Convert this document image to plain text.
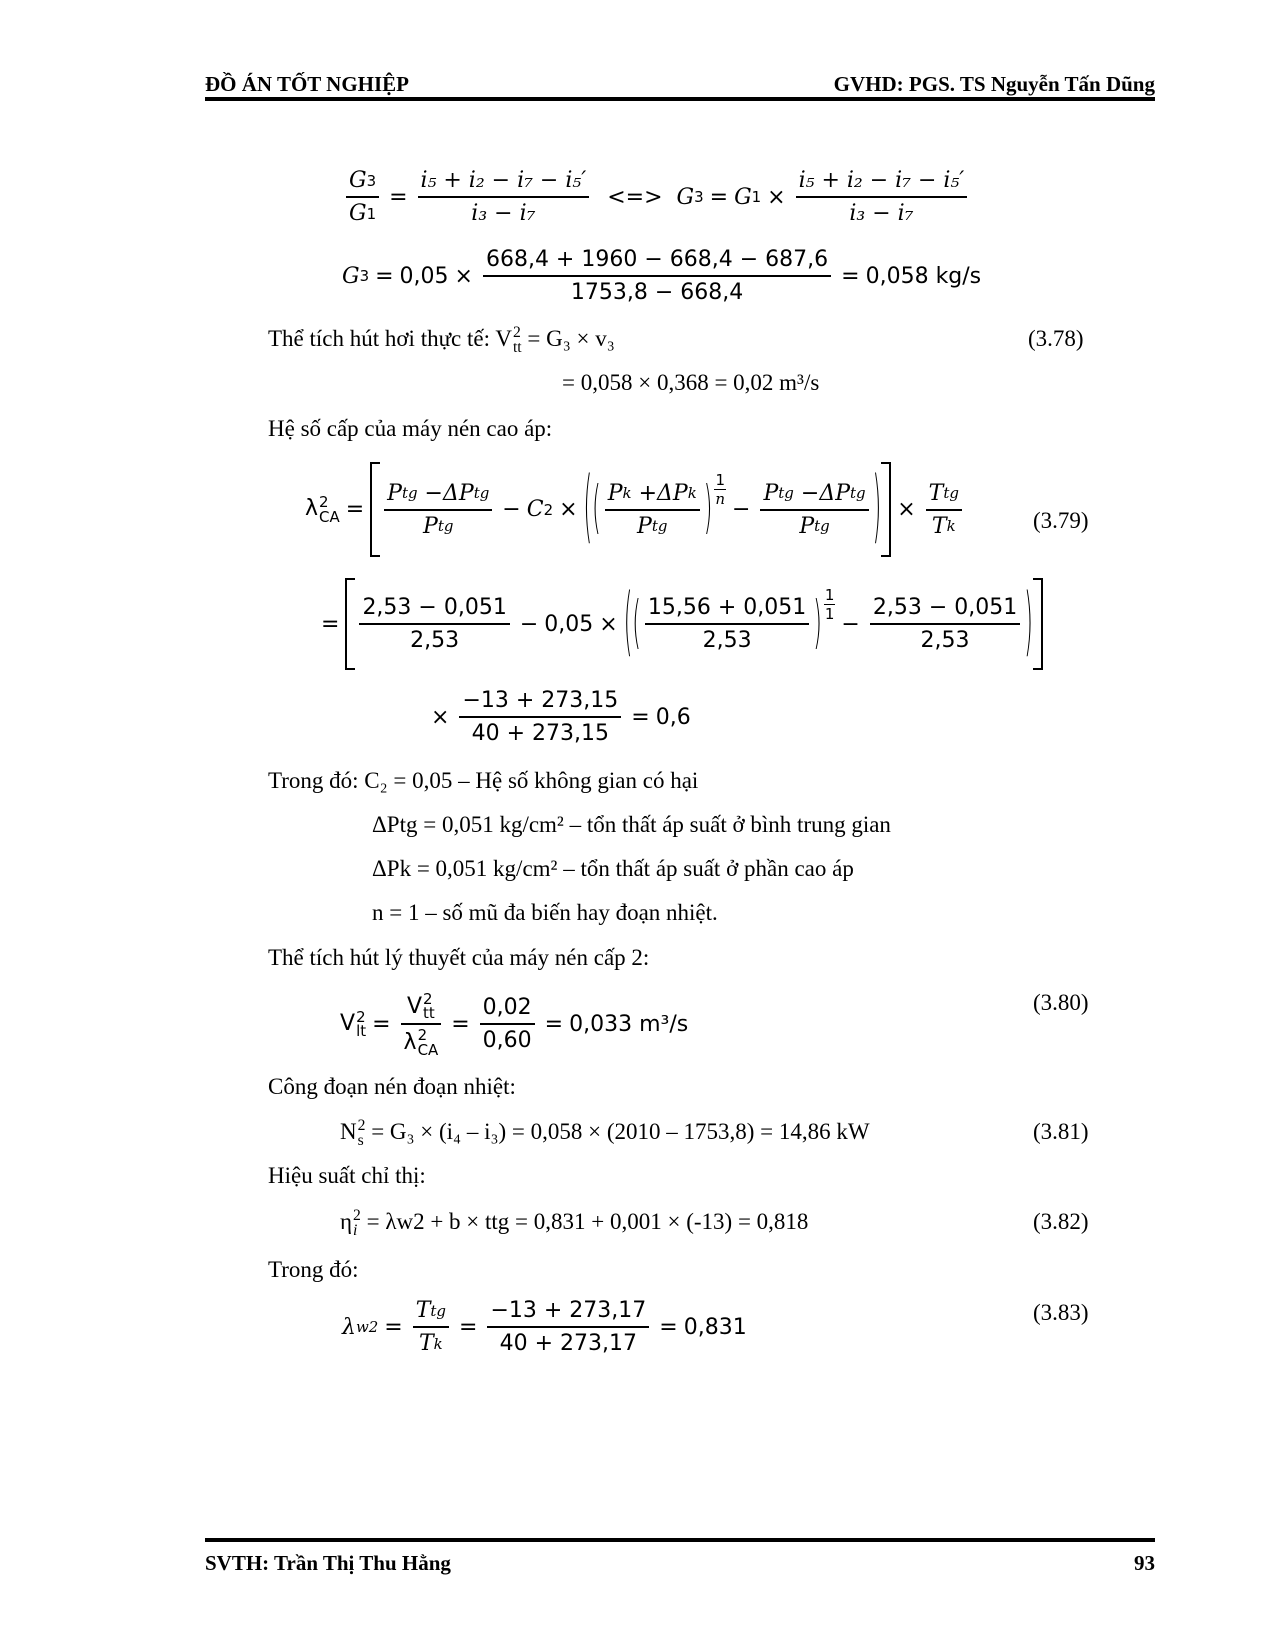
ĐỒ ÁN TỐT NGHIỆP	GVHD: PGS. TS Nguyễn Tấn Dũng
$\frac{G 3}{G 1} = \frac{\text{i₅ + i₂ − i₇ − i₅′}}{\text{i₃ − i₇}}$ <=> G 3 = G $1 \times \frac{\text{i₅ + i₂ − i₇ − i₅′}}{\text{i₃ − i₇}}$
G $3 = 0,05 \times \frac{668,4 + 1960 - 668,4 - 687,6}{1753,8 - 668,4} = 0,058$ kg/s
Thể tích hút hơi thực tế: V 2
tt = G₃ × v₃	(3.78)
= 0,058 × 0,368 = 0,02 m³/s
Hệ số cấp của máy nén cao áp:
λ 2
CA = $\frac{\text{P tg − ΔP tg}}{\text{P tg}} - C$ 2 × ( ( $\frac{\text{P k + ΔP k}}{\text{P tg}}$ ) 1
$n - \frac{\text{P tg − ΔP tg}}{\text{P tg}}$ ) × $\frac{\text{T tg}}{\text{T k}}$	(3.79)
= $\frac{2,53 - 0,051}{2,53} - 0,05$ × ( ( $\frac{15,56 + 0,051}{2,53}$ ) $\frac{1}{1}$
− $\frac{2,53 - 0,051}{2,53}$ )
× $\frac{-13 + 273,15}{40 + 273,15} = 0,6$
Trong đó: C₂ = 0,05 – Hệ số không gian có hại
ΔPtg = 0,051 kg/cm² – tổn thất áp suất ở bình trung gian
ΔPk = 0,051 kg/cm² – tổn thất áp suất ở phần cao áp
n = 1 – số mũ đa biến hay đoạn nhiệt.
Thể tích hút lý thuyết của máy nén cấp 2:
V 2
lt = V 2
tt
λ 2
CA = $\frac{0,02}{0,60} = 0,033$ m³/s
(3.80)
Công đoạn nén đoạn nhiệt:
N 2
s = G₃ × (i₄ – i₃) = 0,058 × (2010 – 1753,8) = 14,86 kW	(3.81)
Hiệu suất chỉ thị:
η 2
i = λw2 + b × ttg = 0,831 + 0,001 × (-13) = 0,818	(3.82)
Trong đó:
λ $w2 = \frac{\text{T tg}}{\text{T k}} = \frac{-13 + 273,17}{40 + 273,17} = 0,831$
(3.83)
SVTH: Trần Thị Thu Hằng	93
